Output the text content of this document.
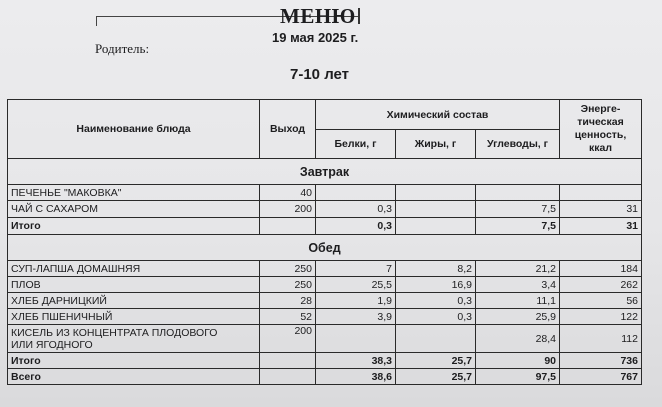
МЕНЮ
19 мая 2025 г.
Родитель:
7-10 лет
Наименование блюда	Выход	Химический состав			Энерге-
тическая
ценность,
ккал

		Белки, г	Жиры, г	Углеводы, г	
Завтрак					
ПЕЧЕНЬЕ "МАКОВКА"	40				
ЧАЙ С САХАРОМ	200	0,3		7,5	31
Итого		0,3		7,5	31
Обед					
СУП-ЛАПША ДОМАШНЯЯ	250	7	8,2	21,2	184
ПЛОВ	250	25,5	16,9	3,4	262
ХЛЕБ ДАРНИЦКИЙ	28	1,9	0,3	11,1	56
ХЛЕБ ПШЕНИЧНЫЙ	52	3,9	0,3	25,9	122

КИСЕЛЬ ИЗ КОНЦЕНТРАТА ПЛОДОВОГО
ИЛИ ЯГОДНОГО	200			28,4	112
Итого		38,3	25,7	90	736
Всего		38,6	25,7	97,5	767
